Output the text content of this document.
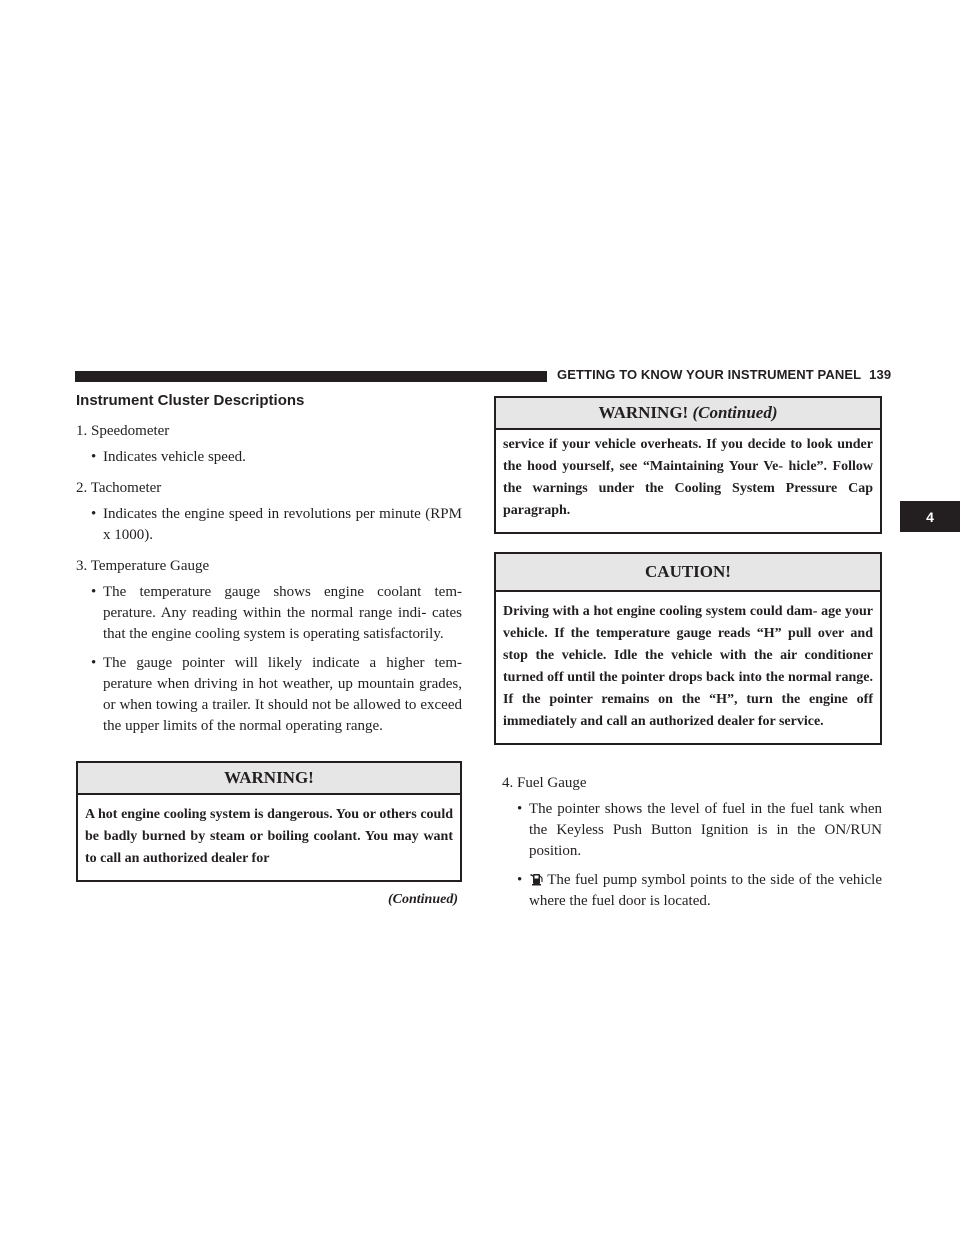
GETTING TO KNOW YOUR INSTRUMENT PANEL 139
4
Instrument Cluster Descriptions

1. Speedometer

• Indicates vehicle speed.

2. Tachometer

• Indicates the engine speed in revolutions per minute (RPM x 1000).

3. Temperature Gauge

• The temperature gauge shows engine coolant tem- perature. Any reading within the normal range indi- cates that the engine cooling system is operating satisfactorily.

• The gauge pointer will likely indicate a higher tem- perature when driving in hot weather, up mountain grades, or when towing a trailer. It should not be allowed to exceed the upper limits of the normal operating range.

WARNING!
A hot engine cooling system is dangerous. You or others could be badly burned by steam or boiling coolant. You may want to call an authorized dealer for
(Continued)
WARNING! (Continued)
service if your vehicle overheats. If you decide to look under the hood yourself, see “Maintaining Your Ve- hicle”. Follow the warnings under the Cooling System Pressure Cap paragraph.
CAUTION!
Driving with a hot engine cooling system could dam- age your vehicle. If the temperature gauge reads “H” pull over and stop the vehicle. Idle the vehicle with the air conditioner turned off until the pointer drops back into the normal range. If the pointer remains on the “H”, turn the engine off immediately and call an authorized dealer for service.

4. Fuel Gauge

• The pointer shows the level of fuel in the fuel tank when the Keyless Push Button Ignition is in the ON/RUN position.

• The fuel pump symbol points to the side of the vehicle where the fuel door is located.
